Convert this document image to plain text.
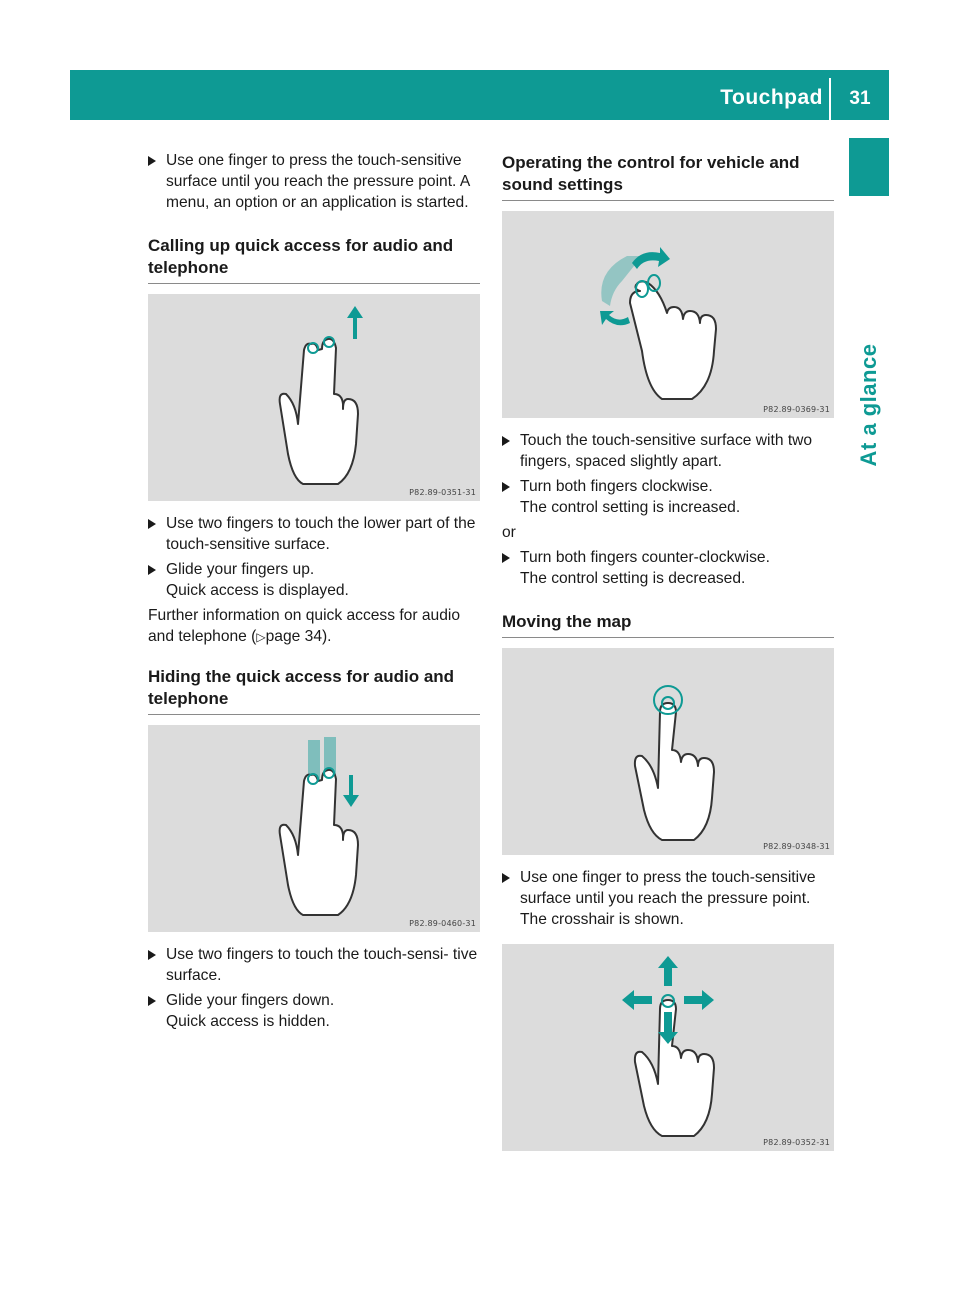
Touchpad	31
At a glance
Use one finger to press the touch-sensitive surface until you reach the pressure point. A menu, an option or an application is started.
Calling up quick access for audio and telephone
P82.89-0351-31
Use two fingers to touch the lower part of the touch-sensitive surface.
Glide your fingers up.
Quick access is displayed.
Further information on quick access for audio and telephone (▷page 34).
Hiding the quick access for audio and telephone
P82.89-0460-31
Use two fingers to touch the touch-sensi- tive surface.
Glide your fingers down.
Quick access is hidden.
Operating the control for vehicle and sound settings
P82.89-0369-31
Touch the touch-sensitive surface with two fingers, spaced slightly apart.
Turn both fingers clockwise.
The control setting is increased.
or
Turn both fingers counter-clockwise.
The control setting is decreased.
Moving the map
P82.89-0348-31
Use one finger to press the touch-sensitive surface until you reach the pressure point.
The crosshair is shown.
P82.89-0352-31
